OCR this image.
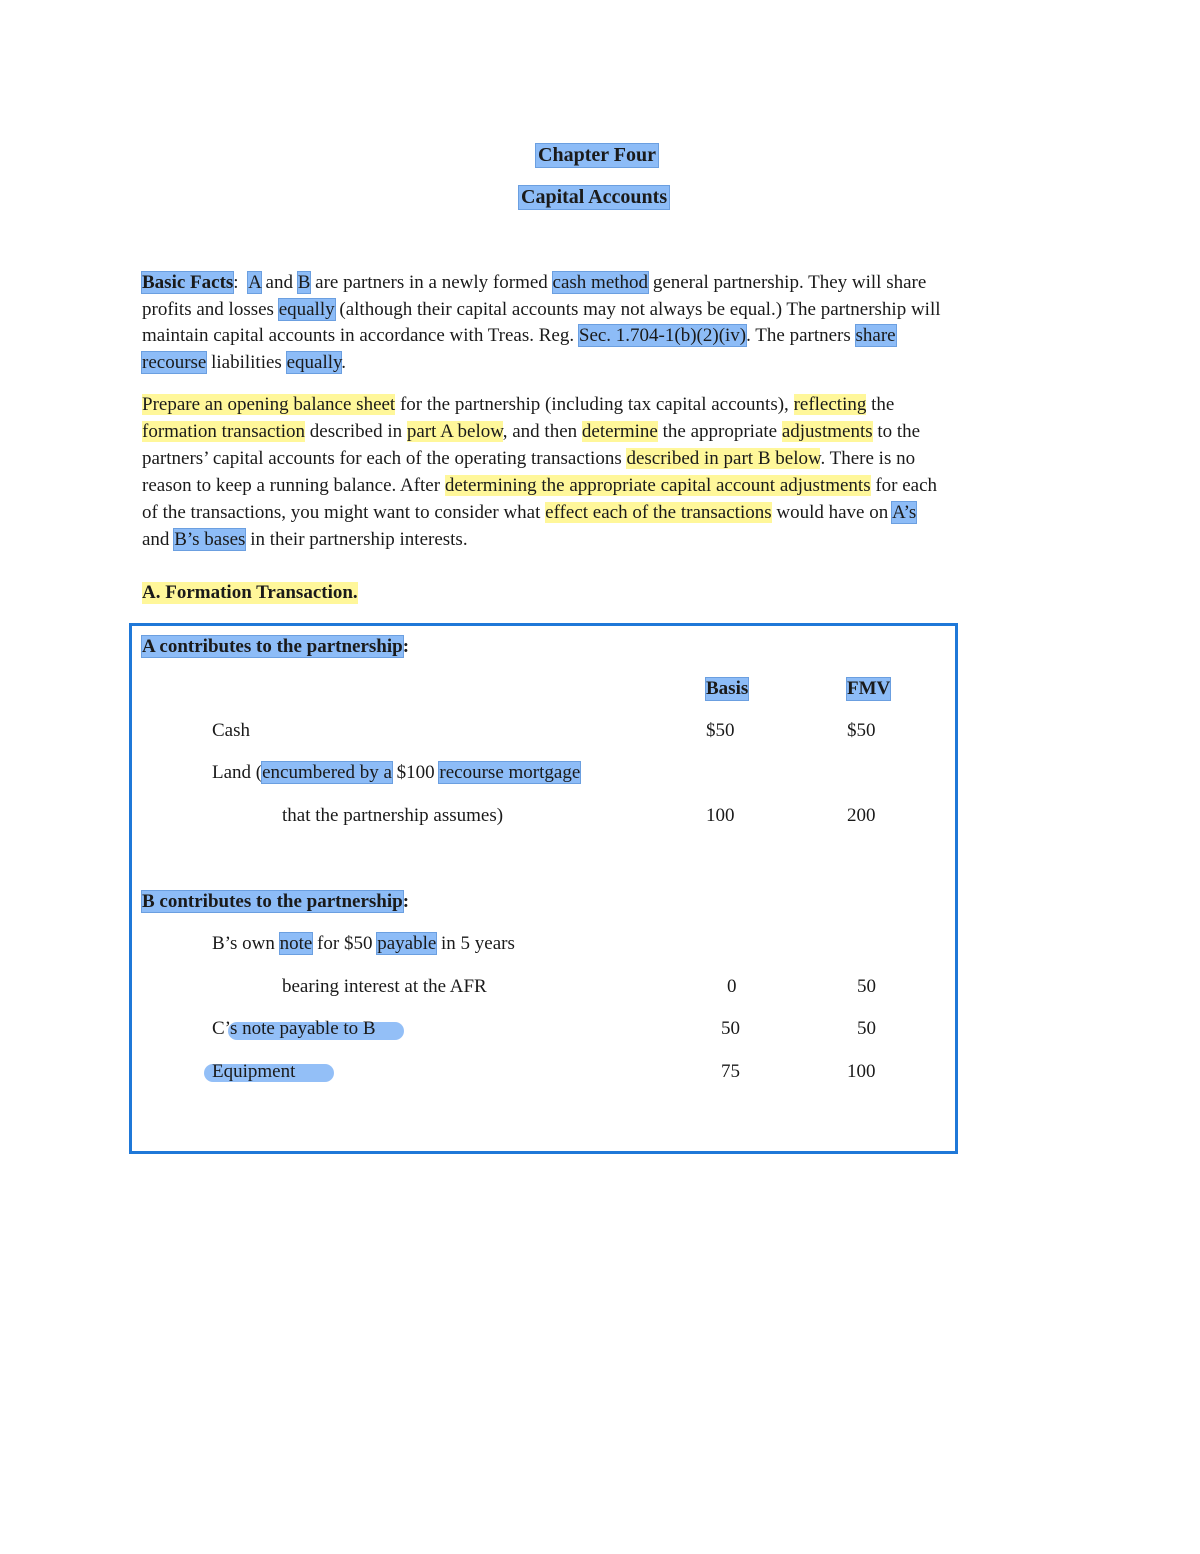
Chapter Four
Capital Accounts
Basic Facts: A and B are partners in a newly formed cash method general partnership. They will share
profits and losses equally (although their capital accounts may not always be equal.) The partnership will
maintain capital accounts in accordance with Treas. Reg. Sec. 1.704-1(b)(2)(iv). The partners share
recourse liabilities equally.
Prepare an opening balance sheet for the partnership (including tax capital accounts), reflecting the
formation transaction described in part A below, and then determine the appropriate adjustments to the
partners’ capital accounts for each of the operating transactions described in part B below. There is no
reason to keep a running balance. After determining the appropriate capital account adjustments for each
of the transactions, you might want to consider what effect each of the transactions would have on A’s
and B’s bases in their partnership interests.
A. Formation Transaction.
A contributes to the partnership:
Basis	FMV
Cash	$50	$50
Land (encumbered by a $100 recourse mortgage
that the partnership assumes)	100	200
B contributes to the partnership:
B’s own note for $50 payable in 5 years
bearing interest at the AFR	0	50
C’s note payable to B	50	50
Equipment	75	100
